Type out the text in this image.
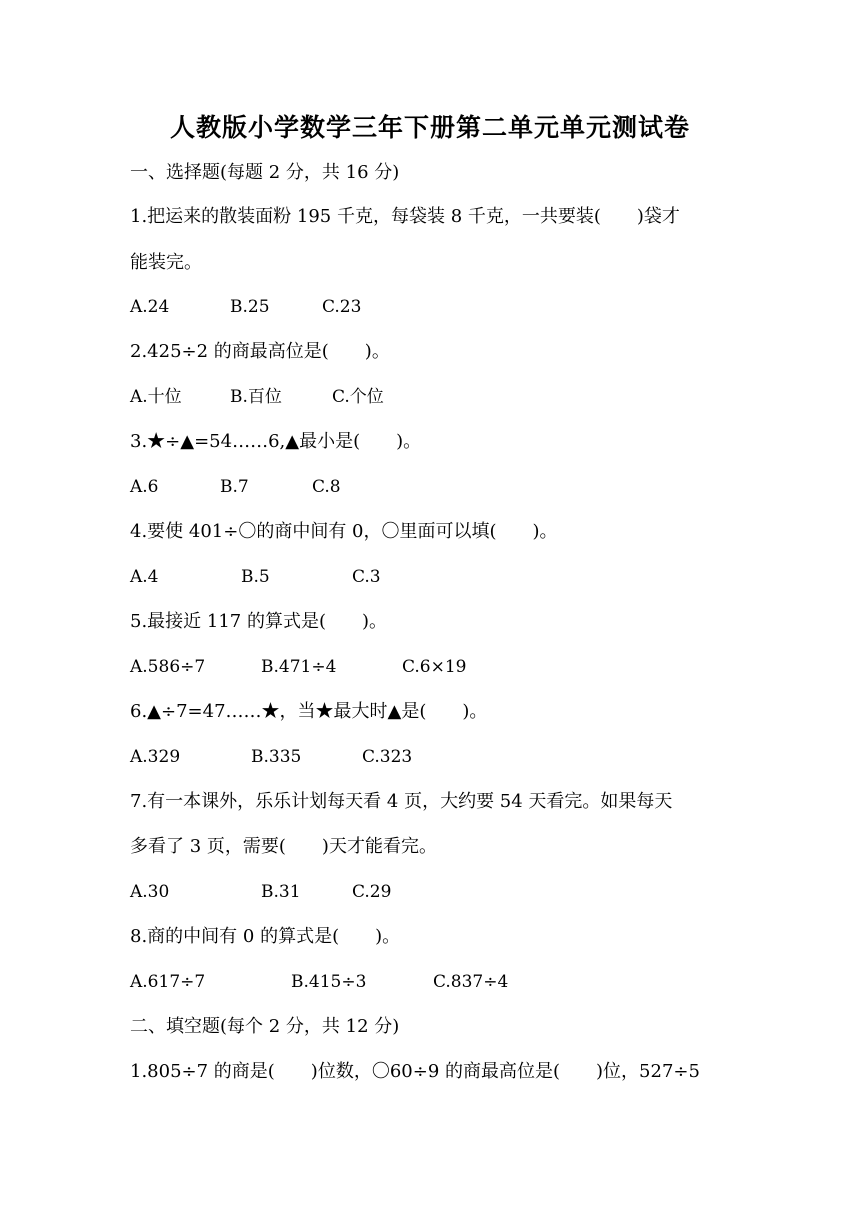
人教版小学数学三年下册第二单元单元测试卷
一、选择题(每题 2 分，共 16 分)
1.把运来的散装面粉 195 千克，每袋装 8 千克，一共要装(　　)袋才
能装完。
A.24	B.25	C.23
2.425÷2 的商最高位是(　　)。
A.十位	B.百位	C.个位
3.★÷▲=54……6,▲最小是(　　)。
A.6	B.7	C.8
4.要使 401÷〇的商中间有 0，〇里面可以填(　　)。
A.4	B.5	C.3
5.最接近 117 的算式是(　　)。
A.586÷7	B.471÷4	C.6×19
6.▲÷7=47……★，当★最大时▲是(　　)。
A.329	B.335	C.323
7.有一本课外，乐乐计划每天看 4 页，大约要 54 天看完。如果每天
多看了 3 页，需要(　　)天才能看完。
A.30	B.31	C.29
8.商的中间有 0 的算式是(　　)。
A.617÷7	B.415÷3	C.837÷4
二、填空题(每个 2 分，共 12 分)
1.805÷7 的商是(　　)位数，〇60÷9 的商最高位是(　　)位，527÷5
